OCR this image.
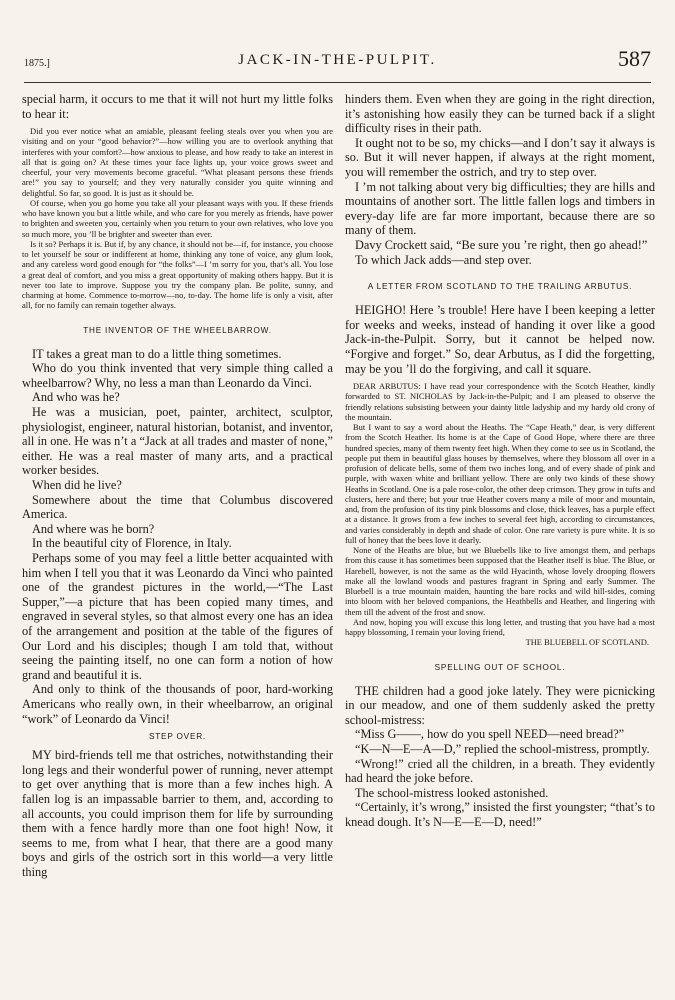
1875.]	JACK-IN-THE-PULPIT.	587

special harm, it occurs to me that it will not hurt my little folks to hear it:

Did you ever notice what an amiable, pleasant feeling steals over you when you are visiting and on your “good behavior?”—how willing you are to overlook anything that interferes with your comfort?—how anxious to please, and how ready to take an interest in all that is going on? At these times your face lights up, your voice grows sweet and cheerful, your very movements become graceful. “What pleasant persons these friends are!” you say to yourself; and they very naturally consider you quite winning and delightful. So far, so good. It is just as it should be.

Of course, when you go home you take all your pleasant ways with you. If these friends who have known you but a little while, and who care for you merely as friends, have power to brighten and sweeten you, certainly when you return to your own relatives, who love you so much more, you ’ll be brighter and sweeter than ever.

Is it so? Perhaps it is. But if, by any chance, it should not be—if, for instance, you choose to let yourself be sour or indifferent at home, thinking any tone of voice, any glum look, and any careless word good enough for “the folks”—I ’m sorry for you, that’s all. You lose a great deal of comfort, and you miss a great opportunity of making others happy. But it is never too late to improve. Suppose you try the company plan. Be polite, sunny, and charming at home. Commence to-morrow—no, to-day. The home life is only a visit, after all, for no family can remain together always.

THE INVENTOR OF THE WHEELBARROW.

IT takes a great man to do a little thing sometimes.

Who do you think invented that very simple thing called a wheelbarrow? Why, no less a man than Leonardo da Vinci.

And who was he?

He was a musician, poet, painter, architect, sculptor, physiologist, engineer, natural historian, botanist, and inventor, all in one. He was n’t a “Jack at all trades and master of none,” either. He was a real master of many arts, and a practical worker besides.

When did he live?

Somewhere about the time that Columbus discovered America.

And where was he born?

In the beautiful city of Florence, in Italy.

Perhaps some of you may feel a little better acquainted with him when I tell you that it was Leonardo da Vinci who painted one of the grandest pictures in the world,—“The Last Supper,”—a picture that has been copied many times, and engraved in several styles, so that almost every one has an idea of the arrangement and position at the table of the figures of Our Lord and his disciples; though I am told that, without seeing the painting itself, no one can form a notion of how grand and beautiful it is.

And only to think of the thousands of poor, hard-working Americans who really own, in their wheelbarrow, an original “work” of Leonardo da Vinci!

STEP OVER.

MY bird-friends tell me that ostriches, notwithstanding their long legs and their wonderful power of running, never attempt to get over anything that is more than a few inches high. A fallen log is an impassable barrier to them, and, according to all accounts, you could imprison them for life by surrounding them with a fence hardly more than one foot high! Now, it seems to me, from what I hear, that there are a good many boys and girls of the ostrich sort in this world—a very little thing

hinders them. Even when they are going in the right direction, it’s astonishing how easily they can be turned back if a slight difficulty rises in their path.

It ought not to be so, my chicks—and I don’t say it always is so. But it will never happen, if always at the right moment, you will remember the ostrich, and try to step over.

I ’m not talking about very big difficulties; they are hills and mountains of another sort. The little fallen logs and timbers in every-day life are far more important, because there are so many of them.

Davy Crockett said, “Be sure you ’re right, then go ahead!”

To which Jack adds—and step over.

A LETTER FROM SCOTLAND TO THE TRAILING ARBUTUS.

HEIGHO! Here ’s trouble! Here have I been keeping a letter for weeks and weeks, instead of handing it over like a good Jack-in-the-Pulpit. Sorry, but it cannot be helped now. “Forgive and forget.” So, dear Arbutus, as I did the forgetting, may be you ’ll do the forgiving, and call it square.

DEAR ARBUTUS: I have read your correspondence with the Scotch Heather, kindly forwarded to ST. NICHOLAS by Jack-in-the-Pulpit; and I am pleased to observe the friendly relations subsisting between your dainty little ladyship and my hardy old crony of the mountain.

But I want to say a word about the Heaths. The “Cape Heath,” dear, is very different from the Scotch Heather. Its home is at the Cape of Good Hope, where there are three hundred species, many of them twenty feet high. When they come to see us in Scotland, the people put them in beautiful glass houses by themselves, where they blossom all over in a profusion of delicate bells, some of them two inches long, and of every shade of pink and purple, with waxen white and brilliant yellow. There are only two kinds of these showy Heaths in Scotland. One is a pale rose-color, the other deep crimson. They grow in tufts and clusters, here and there; but your true Heather covers many a mile of moor and mountain, and, from the profusion of its tiny pink blossoms and close, thick leaves, has a purple effect at a distance. It grows from a few inches to several feet high, according to circumstances, and varies considerably in depth and shade of color. One rare variety is pure white. It is so full of honey that the bees love it dearly.

None of the Heaths are blue, but we Bluebells like to live amongst them, and perhaps from this cause it has sometimes been supposed that the Heather itself is blue. The Blue, or Harebell, however, is not the same as the wild Hyacinth, whose lovely drooping flowers make all the lowland woods and pastures fragrant in Spring and early Summer. The Bluebell is a true mountain maiden, haunting the bare rocks and wild hill-sides, coming into bloom with her beloved companions, the Heathbells and Heather, and lingering with them till the advent of the frost and snow.

And now, hoping you will excuse this long letter, and trusting that you have had a most happy blossoming, I remain your loving friend,

THE BLUEBELL OF SCOTLAND.

SPELLING OUT OF SCHOOL.

THE children had a good joke lately. They were picnicking in our meadow, and one of them suddenly asked the pretty school-mistress:

“Miss G——, how do you spell NEED—need bread?”

“K—N—E—A—D,” replied the school-mistress, promptly.

“Wrong!” cried all the children, in a breath. They evidently had heard the joke before.

The school-mistress looked astonished.

“Certainly, it’s wrong,” insisted the first youngster; “that’s to knead dough. It’s N—E—E—D, need!”
